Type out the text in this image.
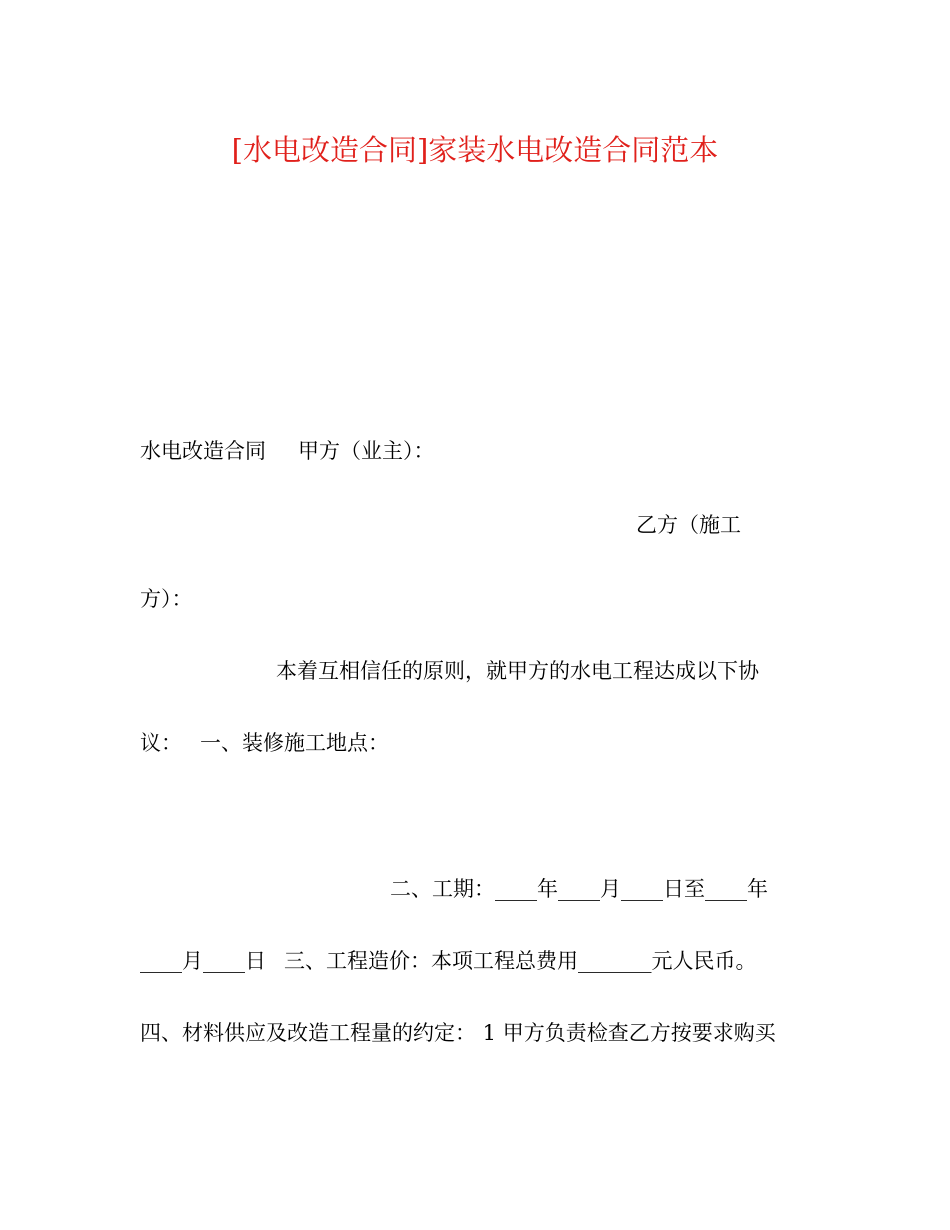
[水电改造合同]家装水电改造合同范本
水电改造合同 甲方（业主）：
乙方（施工
方）：
本着互相信任的原则，就甲方的水电工程达成以下协
议： 一、装修施工地点：
二、工期：____年____月____日至____年
____月____日 三、工程造价：本项工程总费用_______元人民币。
四、材料供应及改造工程量的约定： 1 甲方负责检查乙方按要求购买
